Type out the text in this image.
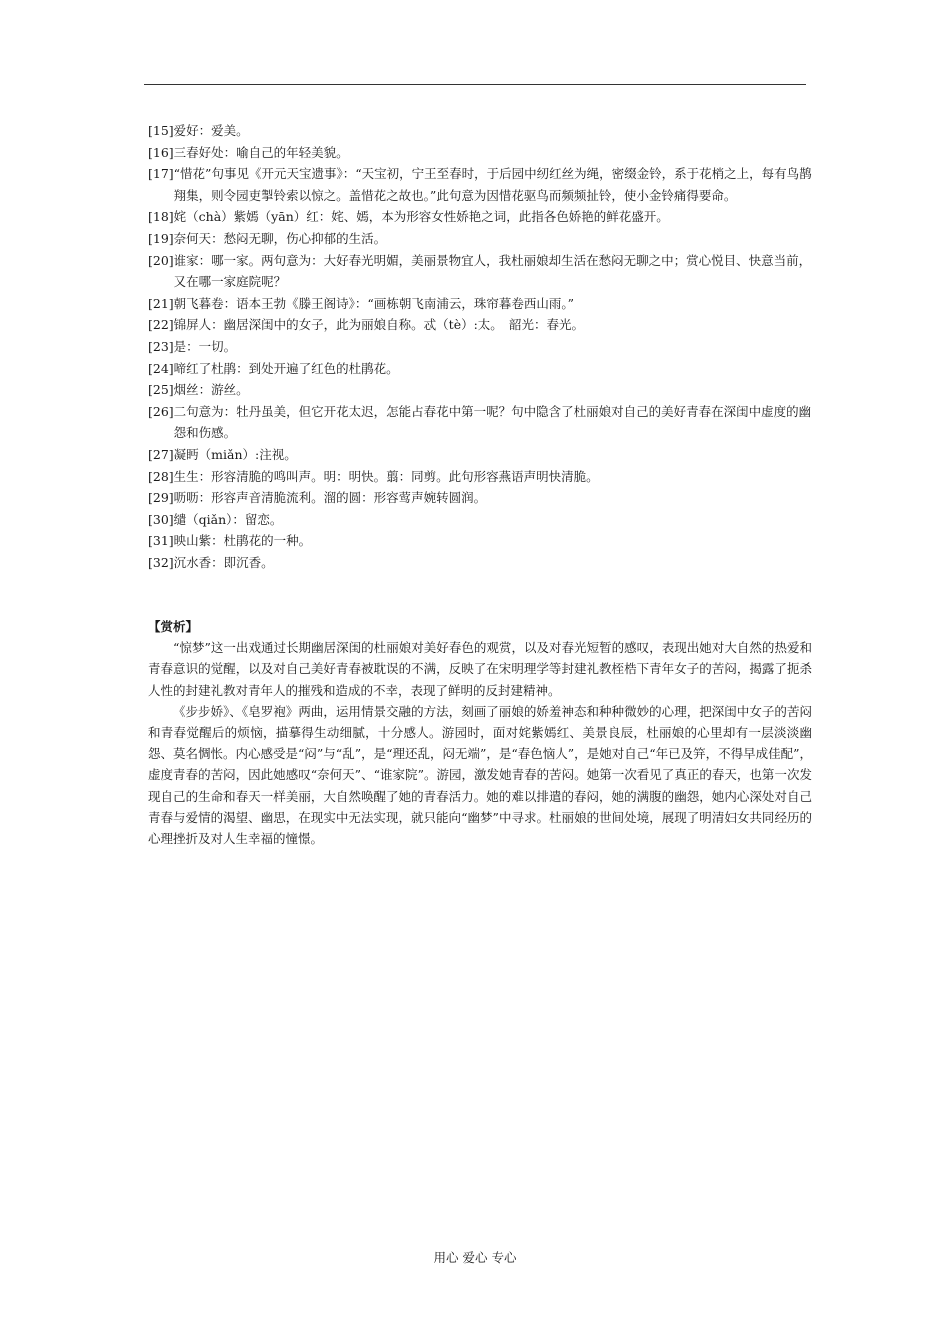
[15] 爱好：爱美。
[16] 三春好处：喻自己的年轻美貌。
[17] “惜花”句事见《开元天宝遗事》：“天宝初，宁王至春时，于后园中纫红丝为绳，密缀金铃，系于花梢之上，每有鸟鹊翔集，则令园吏掣铃索以惊之。盖惜花之故也。”此句意为因惜花驱鸟而频频扯铃，使小金铃痛得要命。
[18] 姹（chà）紫嫣（yān）红：姹、嫣，本为形容女性娇艳之词，此指各色娇艳的鲜花盛开。
[19] 奈何天：愁闷无聊，伤心抑郁的生活。
[20] 谁家：哪一家。两句意为：大好春光明媚，美丽景物宜人，我杜丽娘却生活在愁闷无聊之中；赏心悦目、快意当前，又在哪一家庭院呢？
[21] 朝飞暮卷：语本王勃《滕王阁诗》：“画栋朝飞南浦云，珠帘暮卷西山雨。”
[22] 锦屏人：幽居深闺中的女子，此为丽娘自称。忒（tè）:太。　韶光：春光。
[23] 是：一切。
[24] 啼红了杜鹃：到处开遍了红色的杜鹃花。
[25] 烟丝：游丝。
[26] 二句意为：牡丹虽美，但它开花太迟，怎能占春花中第一呢？句中隐含了杜丽娘对自己的美好青春在深闺中虚度的幽怨和伤感。
[27] 凝眄（miǎn）:注视。
[28] 生生：形容清脆的鸣叫声。明：明快。翦：同剪。此句形容燕语声明快清脆。
[29] 呖呖：形容声音清脆流利。溜的圆：形容莺声婉转圆润。
[30] 缱（qiǎn）：留恋。
[31] 映山紫：杜鹃花的一种。
[32] 沉水香：即沉香。
【赏析】

“惊梦”这一出戏通过长期幽居深闺的杜丽娘对美好春色的观赏，以及对春光短暂的感叹，表现出她对大自然的热爱和青春意识的觉醒，以及对自己美好青春被耽误的不满，反映了在宋明理学等封建礼教桎梏下青年女子的苦闷，揭露了扼杀人性的封建礼教对青年人的摧残和造成的不幸，表现了鲜明的反封建精神。

《步步娇》、《皂罗袍》两曲，运用情景交融的方法，刻画了丽娘的娇羞神态和种种微妙的心理，把深闺中女子的苦闷和青春觉醒后的烦恼，描摹得生动细腻，十分感人。游园时，面对姹紫嫣红、美景良辰，杜丽娘的心里却有一层淡淡幽怨、莫名惆怅。内心感受是“闷”与“乱”，是“理还乱，闷无端”，是“春色恼人”，是她对自己“年已及笄，不得早成佳配”，虚度青春的苦闷，因此她感叹“奈何天”、“谁家院”。游园，激发她青春的苦闷。她第一次看见了真正的春天，也第一次发现自己的生命和春天一样美丽，大自然唤醒了她的青春活力。她的难以排遣的春闷，她的满腹的幽怨，她内心深处对自己青春与爱情的渴望、幽思，在现实中无法实现，就只能向“幽梦”中寻求。杜丽娘的世间处境，展现了明清妇女共同经历的心理挫折及对人生幸福的憧憬。

用心 爱心 专心
